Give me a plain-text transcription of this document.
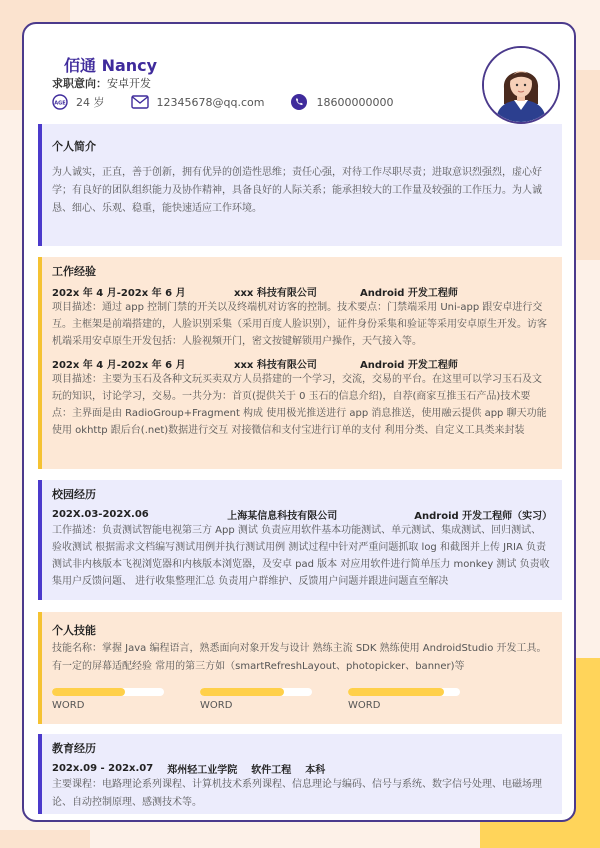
佰通 Nancy
求职意向：安卓开发
AGE 24 岁	12345678@qq.com	18600000000
个人简介
为人诚实，正直，善于创新，拥有优异的创造性思维；责任心强，对待工作尽职尽责；进取意识烈强烈，虚心好学；有良好的团队组织能力及协作精神，具备良好的人际关系；能承担较大的工作量及较强的工作压力。为人诚恳、细心、乐观、稳重，能快速适应工作环境。
工作经验
202x 年 4 月-202x 年 6 月	xxx 科技有限公司	Android 开发工程师
项目描述：通过 app 控制门禁的开关以及终端机对访客的控制。技术要点：门禁端采用 Uni-app 跟安卓进行交互。主框架是前端搭建的，人脸识别采集（采用百度人脸识别），证件身份采集和验证等采用安卓原生开发。访客机端采用安卓原生开发包括：人脸视频开门，密文按键解锁用户操作，天气接入等。
202x 年 4 月-202x 年 6 月	xxx 科技有限公司	Android 开发工程师
项目描述：主要为玉石及各种文玩买卖双方人员搭建的一个学习，交流，交易的平台。在这里可以学习玉石及文玩的知识，讨论学习，交易。一共分为：首页(提供关于 0 玉石的信息介绍)，自荐(商家互推玉石产品)技术要点：主界面是由 RadioGroup+Fragment 构成 使用极光推送进行 app 消息推送，使用融云提供 app 聊天功能 使用 okhttp 跟后台(.net)数据进行交互 对接微信和支付宝进行订单的支付 利用分类、自定义工具类来封装
校园经历
202X.03-202X.06	上海某信息科技有限公司	Android 开发工程师（实习）
工作描述：负责测试智能电视第三方 App 测试 负责应用软件基本功能测试、单元测试、集成测试、回归测试、验收测试 根据需求文档编写测试用例并执行测试用例 测试过程中针对严重问题抓取 log 和截图并上传 JRIA 负责测试非内核版本飞视浏览器和内核版本浏览器，及安卓 pad 版本 对应用软件进行简单压力 monkey 测试 负责收集用户反馈问题、 进行收集整理汇总 负责用户群维护、反馈用户问题并跟进问题直至解决
个人技能
技能名称：掌握 Java 编程语言，熟悉面向对象开发与设计 熟练主流 SDK 熟练使用 AndroidStudio 开发工具。有一定的屏幕适配经验 常用的第三方如（smartRefreshLayout、photopicker、banner)等
WORD	WORD	WORD
教育经历
202x.09 - 202x.07 郑州轻工业学院 软件工程 本科
主要课程：电路理论系列课程、计算机技术系列课程、信息理论与编码、信号与系统、数字信号处理、电磁场理论、自动控制原理、感测技术等。
